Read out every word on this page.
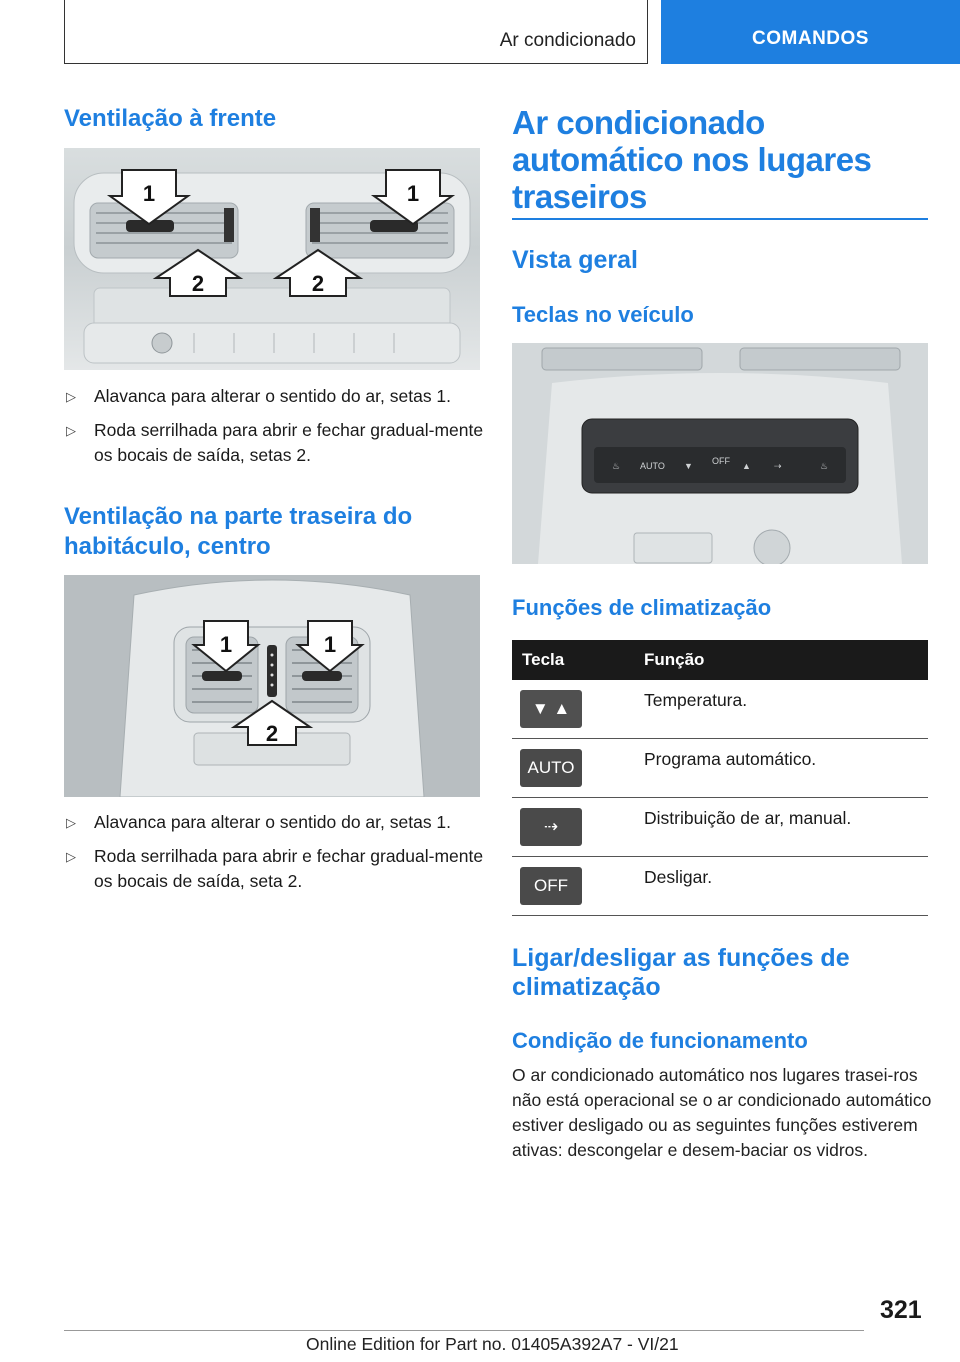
Ar condicionado	COMANDOS
Ventilação à frente
1	1
2	2
▷ Alavanca para alterar o sentido do ar, setas 1.
▷ Roda serrilhada para abrir e fechar gradual-mente os bocais de saída, setas 2.
Ventilação na parte traseira do habitáculo, centro
1	1
2
▷ Alavanca para alterar o sentido do ar, setas 1.
▷ Roda serrilhada para abrir e fechar gradual-mente os bocais de saída, seta 2.
Ar condicionado automático nos lugares traseiros
Vista geral
Teclas no veículo
♨ AUTO ▼ OFF ▲	⇢	♨
Funções de climatização
Tecla	Função
▼ ▲	Temperatura.
AUTO	Programa automático.
⇢	Distribuição de ar, manual.
OFF	Desligar.
Ligar/desligar as funções de climatização
Condição de funcionamento

O ar condicionado automático nos lugares trasei-ros não está operacional se o ar condicionado automático estiver desligado ou as seguintes funções estiverem ativas: descongelar e desem-baciar os vidros.

321
Online Edition for Part no. 01405A392A7 - VI/21
